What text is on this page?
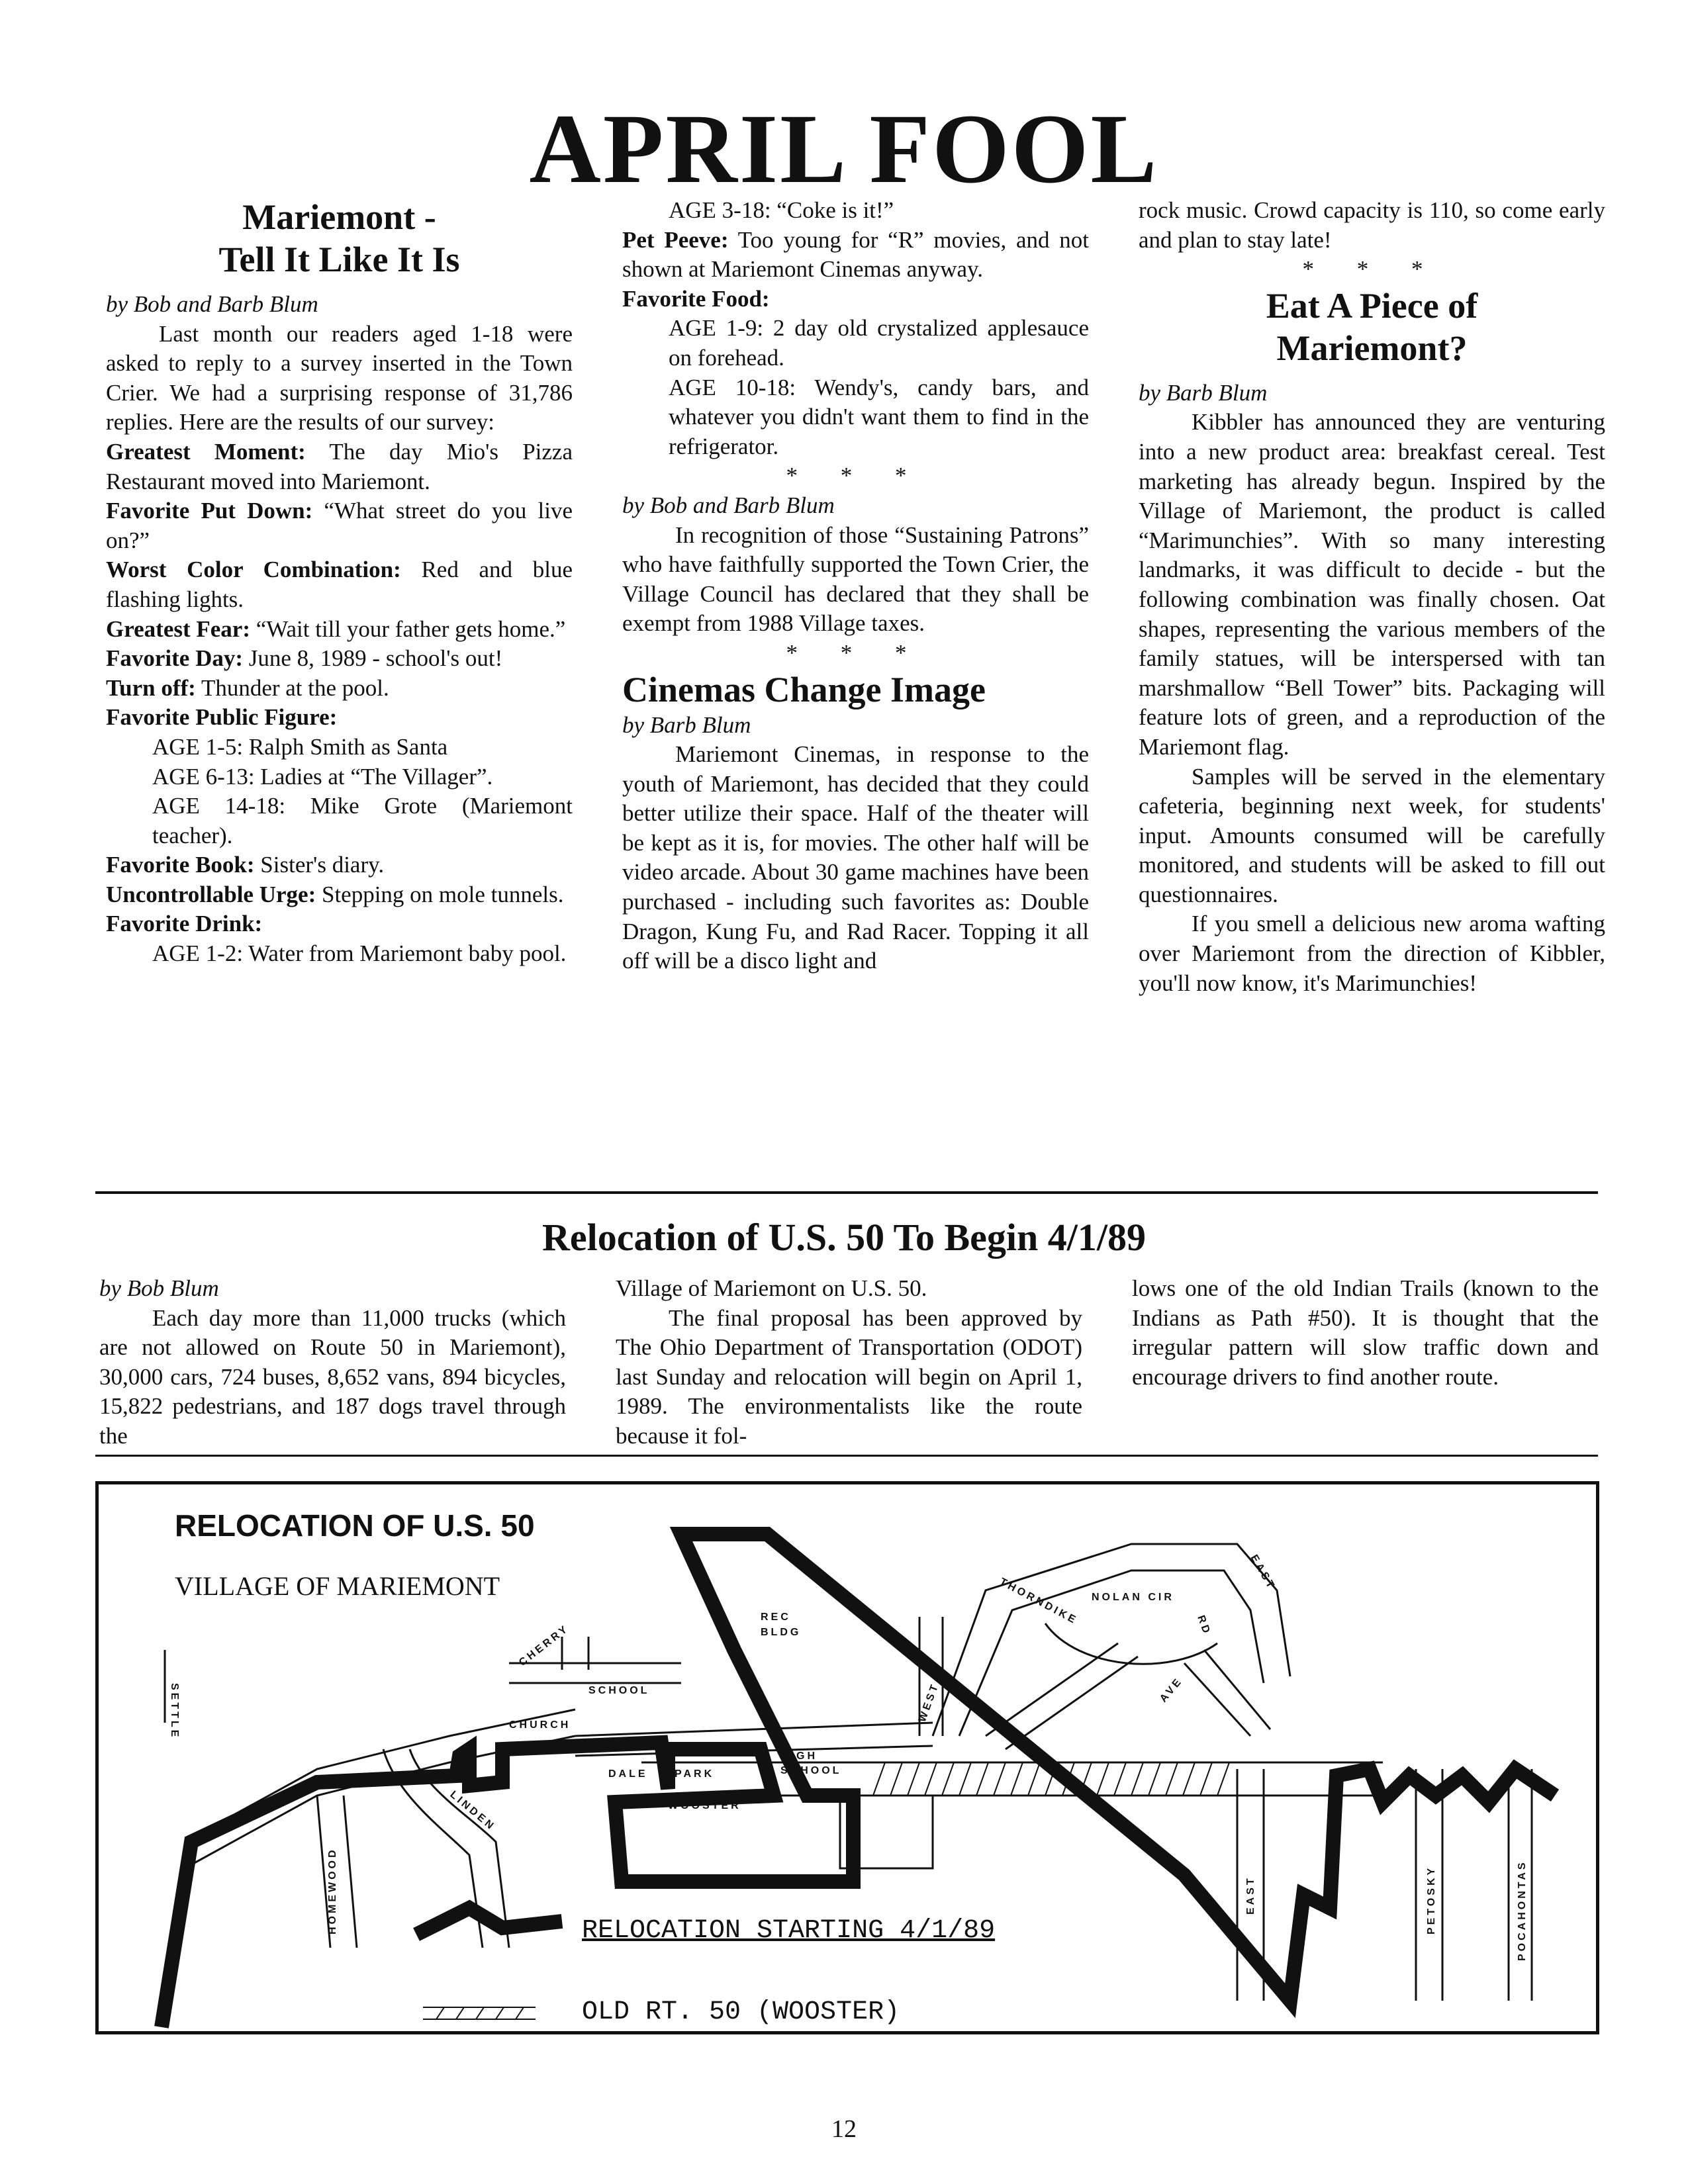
APRIL FOOL
Mariemont -
Tell It Like It Is

by Bob and Barb Blum

Last month our readers aged 1-18 were asked to reply to a survey inserted in the Town Crier. We had a surprising response of 31,786 replies. Here are the results of our survey:

Greatest Moment: The day Mio's Pizza Restaurant moved into Mariemont.

Favorite Put Down: “What street do you live on?”

Worst Color Combination: Red and blue flashing lights.

Greatest Fear: “Wait till your father gets home.”

Favorite Day: June 8, 1989 - school's out!

Turn off: Thunder at the pool.

Favorite Public Figure:

AGE 1-5: Ralph Smith as Santa

AGE 6-13: Ladies at “The Villager”.

AGE 14-18: Mike Grote (Mariemont teacher).

Favorite Book: Sister's diary.

Uncontrollable Urge: Stepping on mole tunnels.

Favorite Drink:

AGE 1-2: Water from Mariemont baby pool.

AGE 3-18: “Coke is it!”

Pet Peeve: Too young for “R” movies, and not shown at Mariemont Cinemas anyway.

Favorite Food:

AGE 1-9: 2 day old crystalized applesauce on forehead.

AGE 10-18: Wendy's, candy bars, and whatever you didn't want them to find in the refrigerator.

* * *

by Bob and Barb Blum

In recognition of those “Sustaining Patrons” who have faithfully supported the Town Crier, the Village Council has declared that they shall be exempt from 1988 Village taxes.

* * *

Cinemas Change Image

by Barb Blum

Mariemont Cinemas, in response to the youth of Mariemont, has decided that they could better utilize their space. Half of the theater will be kept as it is, for movies. The other half will be video arcade. About 30 game machines have been purchased - including such favorites as: Double Dragon, Kung Fu, and Rad Racer. Topping it all off will be a disco light and

rock music. Crowd capacity is 110, so come early and plan to stay late!

* * *

Eat A Piece of
Mariemont?

by Barb Blum

Kibbler has announced they are venturing into a new product area: breakfast cereal. Test marketing has already begun. Inspired by the Village of Mariemont, the product is called “Marimunchies”. With so many interesting landmarks, it was difficult to decide - but the following combination was finally chosen. Oat shapes, representing the various members of the family statues, will be interspersed with tan marshmallow “Bell Tower” bits. Packaging will feature lots of green, and a reproduction of the Mariemont flag.

Samples will be served in the elementary cafeteria, beginning next week, for students' input. Amounts consumed will be carefully monitored, and students will be asked to fill out questionnaires.

If you smell a delicious new aroma wafting over Mariemont from the direction of Kibbler, you'll now know, it's Marimunchies!

Relocation of U.S. 50 To Begin 4/1/89

by Bob Blum

Each day more than 11,000 trucks (which are not allowed on Route 50 in Mariemont), 30,000 cars, 724 buses, 8,652 vans, 894 bicycles, 15,822 pedestrians, and 187 dogs travel through the

Village of Mariemont on U.S. 50.

The final proposal has been approved by The Ohio Department of Transportation (ODOT) last Sunday and relocation will begin on April 1, 1989. The environmentalists like the route because it fol-

lows one of the old Indian Trails (known to the Indians as Path #50). It is thought that the irregular pattern will slow traffic down and encourage drivers to find another route.

RELOCATION OF U.S. 50
VILLAGE OF MARIEMONT
REC
BLDG
SCHOOL
CHURCH
CHERRY
DALE	PARK
HIGH
SCHOOL
WOOSTER
THORNDIKE NOLAN CIR
RD
EAST
WEST	AVE
EAST	PETOSKY	POCAHONTAS
HOMEWOOD
LINDEN
SETTLE
RELOCATION STARTING 4/1/89
OLD RT. 50 (WOOSTER)
12
